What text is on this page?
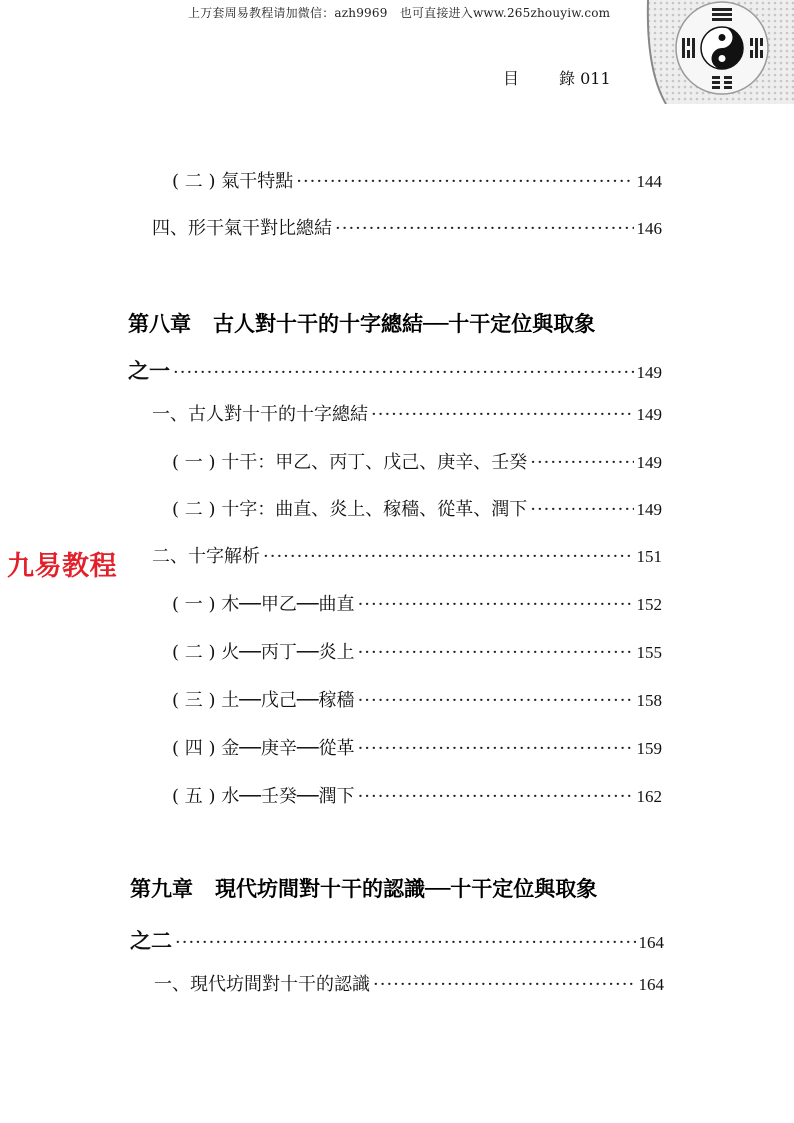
上万套周易教程请加微信：azh9969　也可直接进入www.265zhouyiw.com
目	錄 011
( 二 ) 氣干特點 ·····	144
四、形干氣干對比總結 ·····	146
第八章 古人對十干的十字總結──十干定位與取象
之一 ·····	149
一、古人對十干的十字總結 ·····	149
( 一 ) 十干：甲乙、丙丁、戊己、庚辛、壬癸 ·····	149
( 二 ) 十字：曲直、炎上、稼穡、從革、潤下 ·····	149
九易教程 二、十字解析 ·····	151
( 一 ) 木──甲乙──曲直 ·····	152
( 二 ) 火──丙丁──炎上 ·····	155
( 三 ) 土──戊己──稼穡 ·····	158
( 四 ) 金──庚辛──從革 ·····	159
( 五 ) 水──壬癸──潤下 ·····	162
第九章 現代坊間對十干的認識──十干定位與取象
之二 ·····	164
一、現代坊間對十干的認識 ·····	164
